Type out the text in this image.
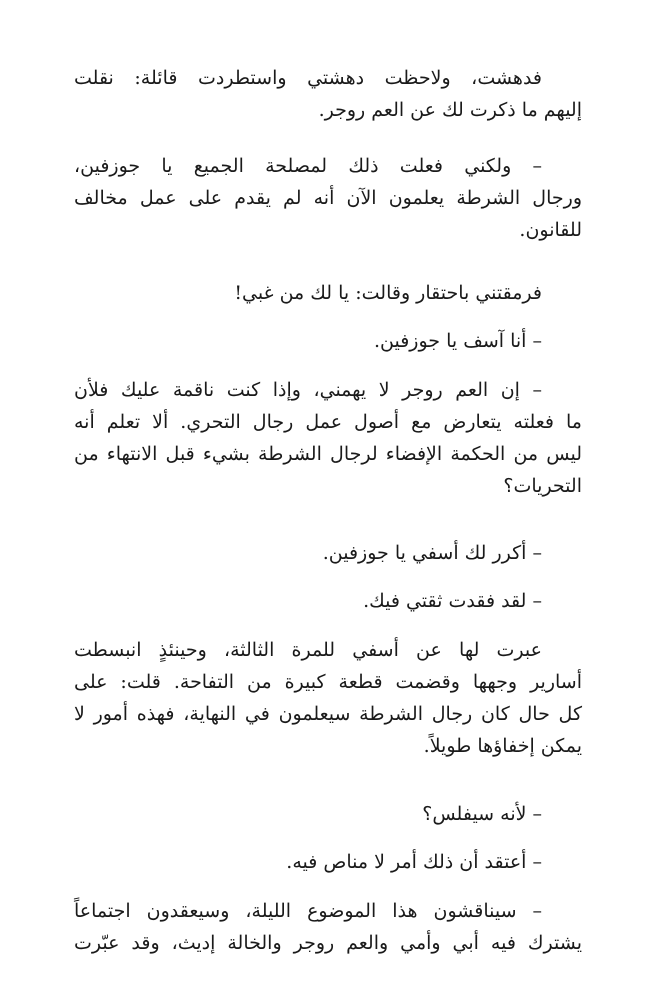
فدهشت، ولاحظت دهشتي واستطردت قائلة: نقلت
إليهم ما ذكرت لك عن العم روجر.
– ولكني فعلت ذلك لمصلحة الجميع يا جوزفين،
ورجال الشرطة يعلمون الآن أنه لم يقدم على عمل مخالف
للقانون.
فرمقتني باحتقار وقالت: يا لك من غبي!
– أنا آسف يا جوزفين.
– إن العم روجر لا يهمني، وإذا كنت ناقمة عليك فلأن
ما فعلته يتعارض مع أصول عمل رجال التحري. ألا تعلم أنه
ليس من الحكمة الإفضاء لرجال الشرطة بشيء قبل الانتهاء من
التحريات؟
– أكرر لك أسفي يا جوزفين.
– لقد فقدت ثقتي فيك.
عبرت لها عن أسفي للمرة الثالثة، وحينئذٍ انبسطت
أسارير وجهها وقضمت قطعة كبيرة من التفاحة. قلت: على
كل حال كان رجال الشرطة سيعلمون في النهاية، فهذه أمور لا
يمكن إخفاؤها طويلاً.
– لأنه سيفلس؟
– أعتقد أن ذلك أمر لا مناص فيه.
– سيناقشون هذا الموضوع الليلة، وسيعقدون اجتماعاً
يشترك فيه أبي وأمي والعم روجر والخالة إديث، وقد عبّرت
